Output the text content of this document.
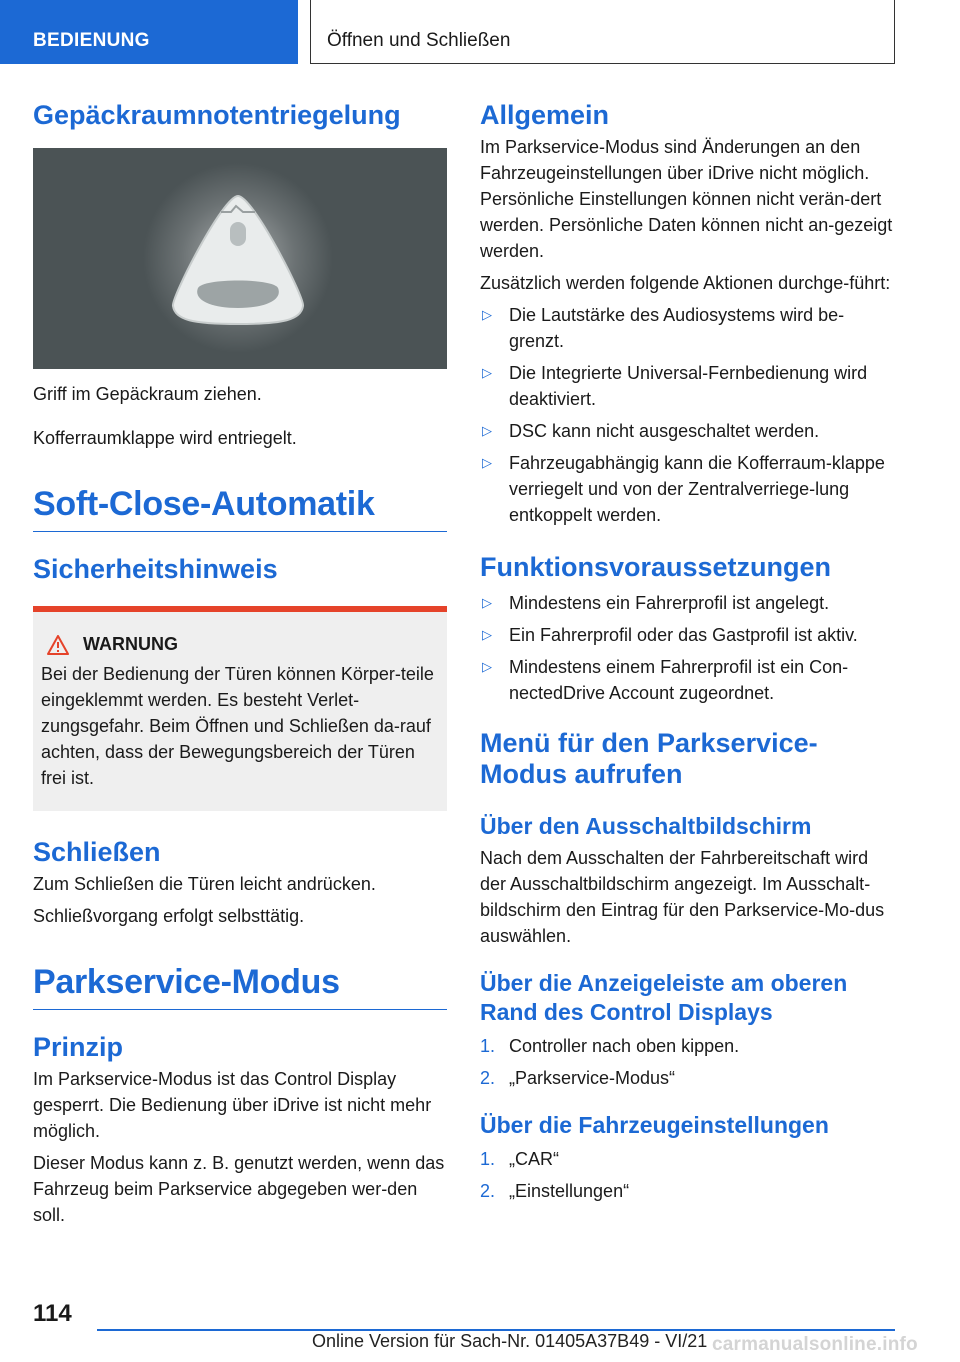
BEDIENUNG	Öffnen und Schließen
Gepäckraumnotentriegelung

Griff im Gepäckraum ziehen.

Kofferraumklappe wird entriegelt.

Soft-Close-Automatik
Sicherheitshinweis
WARNUNG

Bei der Bedienung der Türen können Körper-teile eingeklemmt werden. Es besteht Verlet-zungsgefahr. Beim Öffnen und Schließen da-rauf achten, dass der Bewegungsbereich der Türen frei ist.

Schließen

Zum Schließen die Türen leicht andrücken.

Schließvorgang erfolgt selbsttätig.

Parkservice-Modus
Prinzip

Im Parkservice-Modus ist das Control Display gesperrt. Die Bedienung über iDrive ist nicht mehr möglich.

Dieser Modus kann z. B. genutzt werden, wenn das Fahrzeug beim Parkservice abgegeben wer-den soll.

Allgemein

Im Parkservice-Modus sind Änderungen an den Fahrzeugeinstellungen über iDrive nicht möglich. Persönliche Einstellungen können nicht verän-dert werden. Persönliche Daten können nicht an-gezeigt werden.

Zusätzlich werden folgende Aktionen durchge-führt:

▷ Die Lautstärke des Audiosystems wird be-grenzt.
▷ Die Integrierte Universal-Fernbedienung wird deaktiviert.
▷ DSC kann nicht ausgeschaltet werden.
▷ Fahrzeugabhängig kann die Kofferraum-klappe verriegelt und von der Zentralverriege-lung entkoppelt werden.
Funktionsvoraussetzungen
▷ Mindestens ein Fahrerprofil ist angelegt.
▷ Ein Fahrerprofil oder das Gastprofil ist aktiv.
▷ Mindestens einem Fahrerprofil ist ein Con-nectedDrive Account zugeordnet.
Menü für den Parkservice-Modus aufrufen
Über den Ausschaltbildschirm

Nach dem Ausschalten der Fahrbereitschaft wird der Ausschaltbildschirm angezeigt. Im Ausschalt-bildschirm den Eintrag für den Parkservice-Mo-dus auswählen.

Über die Anzeigeleiste am oberen Rand des Control Displays
1. Controller nach oben kippen.
2. „Parkservice-Modus“
Über die Fahrzeugeinstellungen
1. „CAR“
2. „Einstellungen“
114
Online Version für Sach-Nr. 01405A37B49 - VI/21 carmanualsonline.info
